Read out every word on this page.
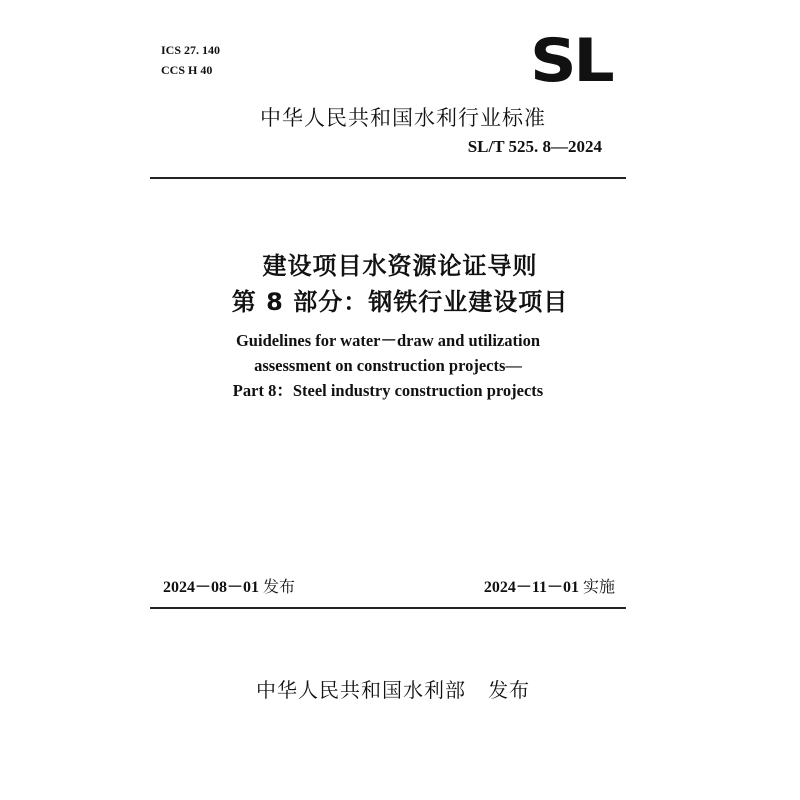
ICS 27. 140
CCS H 40	SL
中华人民共和国水利行业标准
SL/T 525. 8—2024
建设项目水资源论证导则
第 8 部分：钢铁行业建设项目
Guidelines for water－draw and utilization
assessment on construction projects—
Part 8：Steel industry construction projects
2024－08－01 发布	2024－11－01 实施
中华人民共和国水利部 发布
